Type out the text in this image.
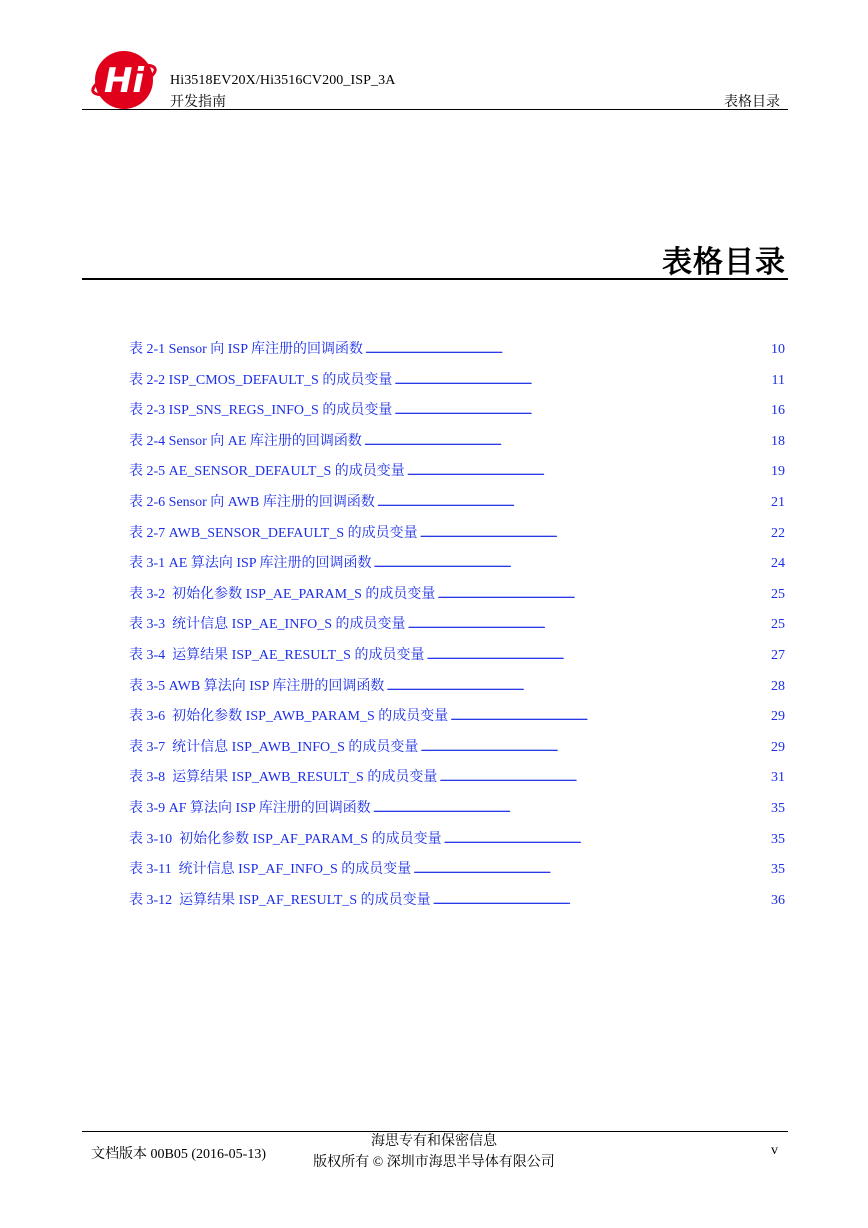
Hi Hi3518EV20X/Hi3516CV200_ISP_3A
开发指南	表格目录
表格目录
表 2-1 Sensor 向 ISP 库注册的回调函数 . . .	10
表 2-2 ISP_CMOS_DEFAULT_S 的成员变量 . . .	11
表 2-3 ISP_SNS_REGS_INFO_S 的成员变量 . . .	16
表 2-4 Sensor 向 AE 库注册的回调函数 . . .	18
表 2-5 AE_SENSOR_DEFAULT_S 的成员变量 . . .	19
表 2-6 Sensor 向 AWB 库注册的回调函数 . . .	21
表 2-7 AWB_SENSOR_DEFAULT_S 的成员变量 . . .	22
表 3-1 AE 算法向 ISP 库注册的回调函数 . . .	24
表 3-2  初始化参数 ISP_AE_PARAM_S 的成员变量 . . .	25
表 3-3  统计信息 ISP_AE_INFO_S 的成员变量 . . .	25
表 3-4  运算结果 ISP_AE_RESULT_S 的成员变量 . . .	27
表 3-5 AWB 算法向 ISP 库注册的回调函数 . . .	28
表 3-6  初始化参数 ISP_AWB_PARAM_S 的成员变量 . . .	29
表 3-7  统计信息 ISP_AWB_INFO_S 的成员变量 . . .	29
表 3-8  运算结果 ISP_AWB_RESULT_S 的成员变量 . . .	31
表 3-9 AF 算法向 ISP 库注册的回调函数 . . .	35
表 3-10  初始化参数 ISP_AF_PARAM_S 的成员变量 . . .	35
表 3-11  统计信息 ISP_AF_INFO_S 的成员变量 . . .	35
表 3-12  运算结果 ISP_AF_RESULT_S 的成员变量 . . .	36
文档版本 00B05 (2016-05-13)
海思专有和保密信息
版权所有 © 深圳市海思半导体有限公司
v
